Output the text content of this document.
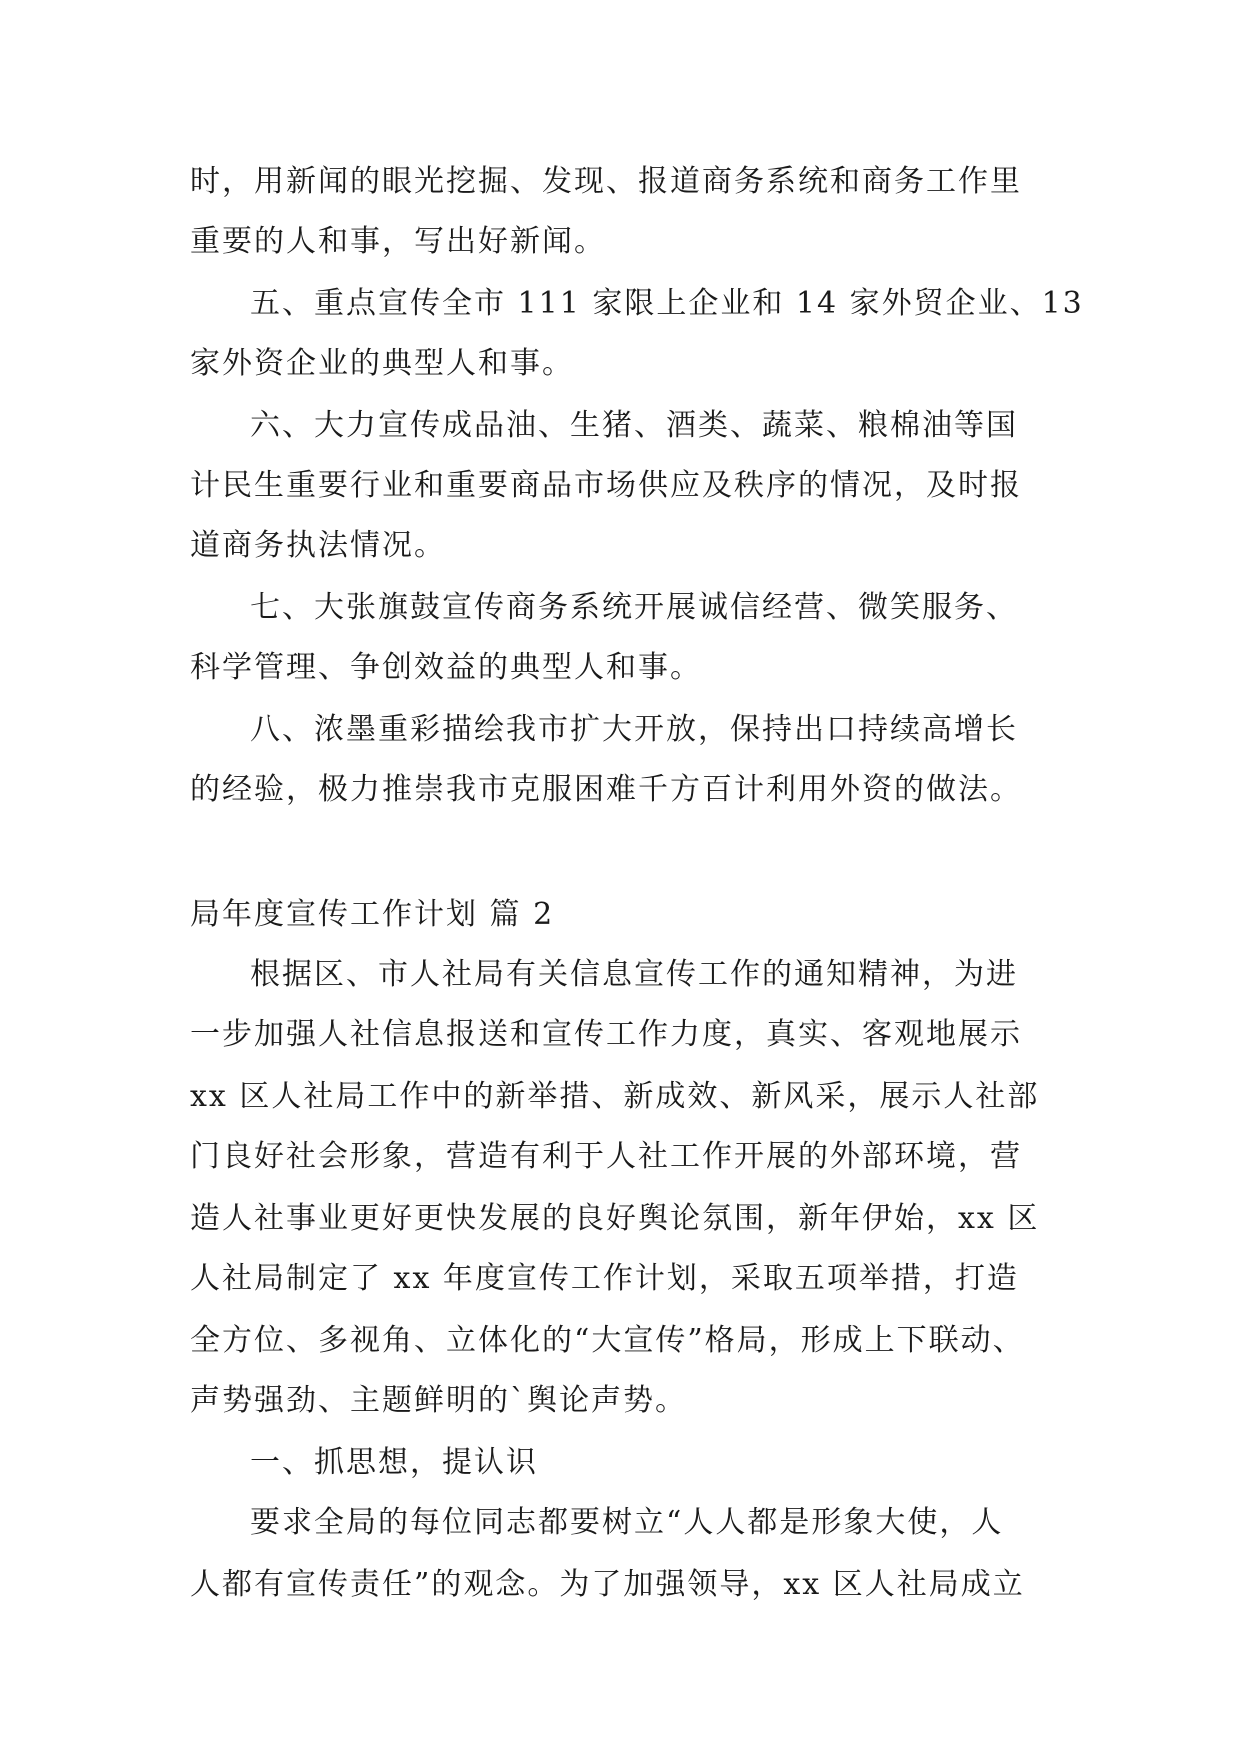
时，用新闻的眼光挖掘、发现、报道商务系统和商务工作里
重要的人和事，写出好新闻。
五、重点宣传全市 111 家限上企业和 14 家外贸企业、13
家外资企业的典型人和事。
六、大力宣传成品油、生猪、酒类、蔬菜、粮棉油等国
计民生重要行业和重要商品市场供应及秩序的情况，及时报
道商务执法情况。
七、大张旗鼓宣传商务系统开展诚信经营、微笑服务、
科学管理、争创效益的典型人和事。
八、浓墨重彩描绘我市扩大开放，保持出口持续高增长
的经验，极力推崇我市克服困难千方百计利用外资的做法。
局年度宣传工作计划 篇 2
根据区、市人社局有关信息宣传工作的通知精神，为进
一步加强人社信息报送和宣传工作力度，真实、客观地展示
xx 区人社局工作中的新举措、新成效、新风采，展示人社部
门良好社会形象，营造有利于人社工作开展的外部环境，营
造人社事业更好更快发展的良好舆论氛围，新年伊始，xx 区
人社局制定了 xx 年度宣传工作计划，采取五项举措，打造
全方位、多视角、立体化的“大宣传”格局，形成上下联动、
声势强劲、主题鲜明的`舆论声势。
一、抓思想，提认识
要求全局的每位同志都要树立“人人都是形象大使，人
人都有宣传责任”的观念。为了加强领导，xx 区人社局成立
